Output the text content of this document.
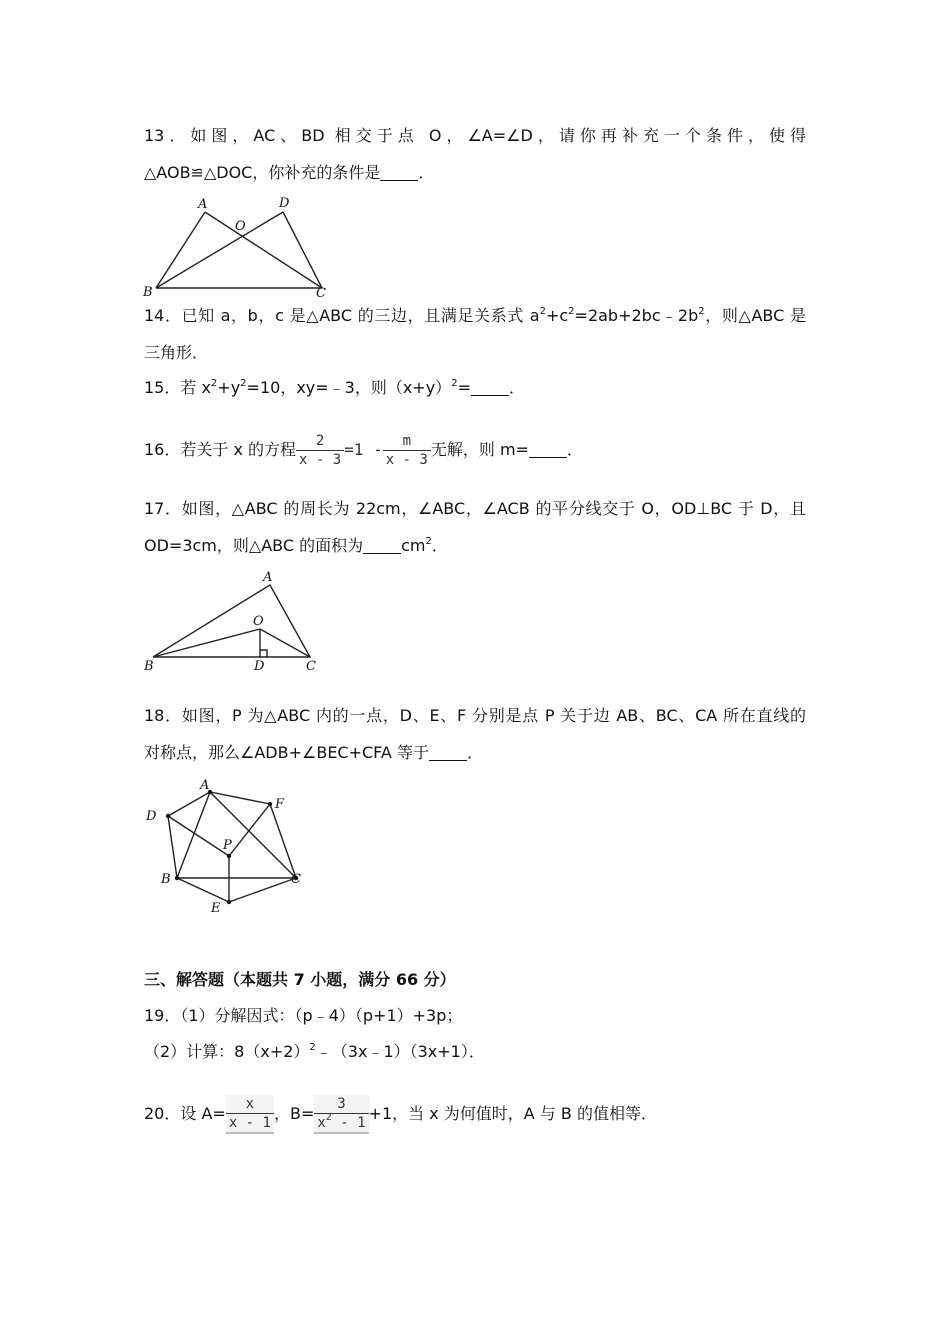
13．如图，AC、BD 相交于点 O，∠A=∠D，请你再补充一个条件，使得
△AOB≌△DOC，你补充的条件是 ．
A	D
O
B	C
14．已知 a，b，c 是△ABC 的三边，且满足关系式 $a^2+c^2=2ab+2bc﹣2b^2$，则△ABC 是
三角形．
15．若 $x^2+y^2=10$，xy=﹣3，则$(x+y)^2=$ ．
16．若关于 x 的方程 $\frac{2}{x - 3} =1 - \frac{m}{x - 3}$ 无解，则 m= ．
17．如图，△ABC 的周长为 22cm，∠ABC，∠ACB 的平分线交于 O，OD⊥BC 于 D，且
OD=3cm，则△ABC 的面积为 $cm^2$．
A
O
B	D	C
18．如图，P 为△ABC 内的一点，D、E、F 分别是点 P 关于边 AB、BC、CA 所在直线的
对称点，那么∠ADB+∠BEC+CFA 等于 ．
A
D
F
P
B	C
E
三、解答题（本题共 7 小题，满分 66 分）
19．（1）分解因式：（p﹣4）（p+1）+3p；
（2）计算：$8(x+2)^2﹣(3x﹣1)(3x+1)$．
20．设 $A= \frac{x}{x - 1}$ ，$B= \frac{3}{x^2 - 1} +1$，当 x 为何值时，A 与 B 的值相等．
